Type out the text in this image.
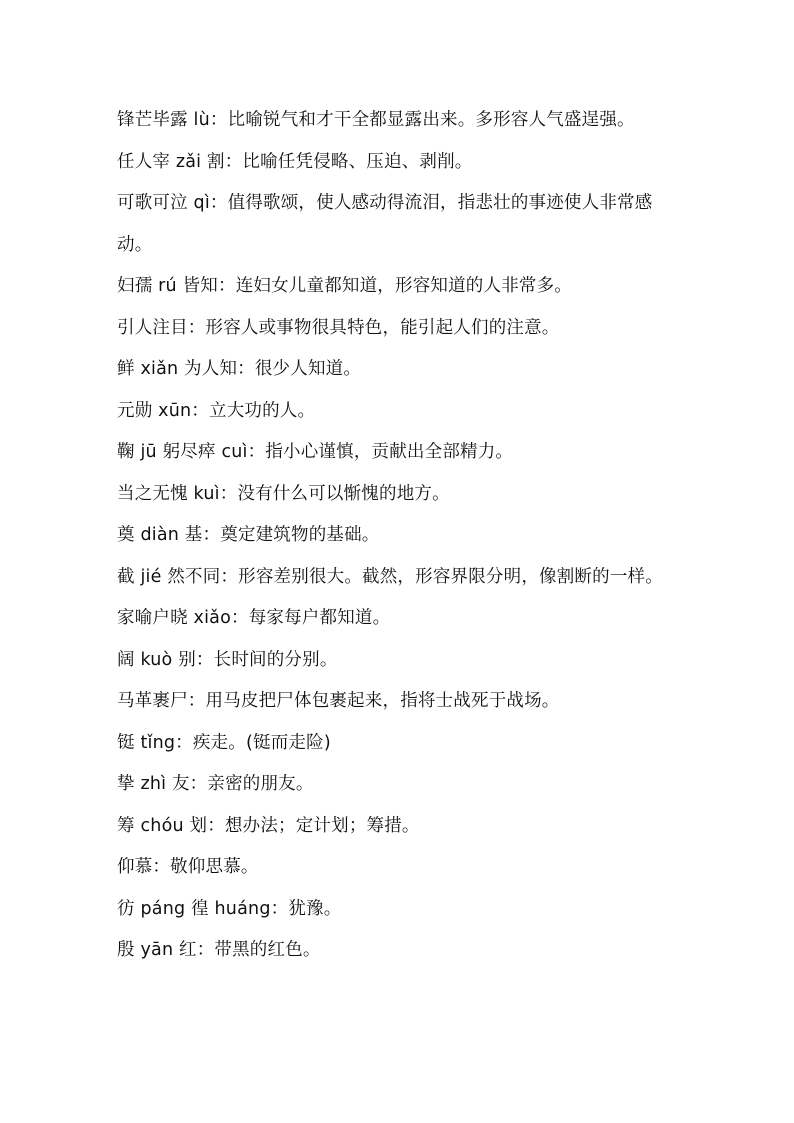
锋芒毕露 lù：比喻锐气和才干全都显露出来。多形容人气盛逞强。

任人宰 zǎi 割：比喻任凭侵略、压迫、剥削。

可歌可泣 qì：值得歌颂，使人感动得流泪，指悲壮的事迹使人非常感动。

妇孺 rú 皆知：连妇女儿童都知道，形容知道的人非常多。

引人注目：形容人或事物很具特色，能引起人们的注意。

鲜 xiǎn 为人知：很少人知道。

元勋 xūn：立大功的人。

鞠 jū 躬尽瘁 cuì：指小心谨慎，贡献出全部精力。

当之无愧 kuì：没有什么可以惭愧的地方。

奠 diàn 基：奠定建筑物的基础。

截 jié 然不同：形容差别很大。截然，形容界限分明，像割断的一样。

家喻户晓 xiǎo：每家每户都知道。

阔 kuò 别：长时间的分别。

马革裹尸：用马皮把尸体包裹起来，指将士战死于战场。

铤 tǐng：疾走。(铤而走险)

挚 zhì 友：亲密的朋友。

筹 chóu 划：想办法；定计划；筹措。

仰慕：敬仰思慕。

彷 páng 徨 huáng：犹豫。

殷 yān 红：带黑的红色。
